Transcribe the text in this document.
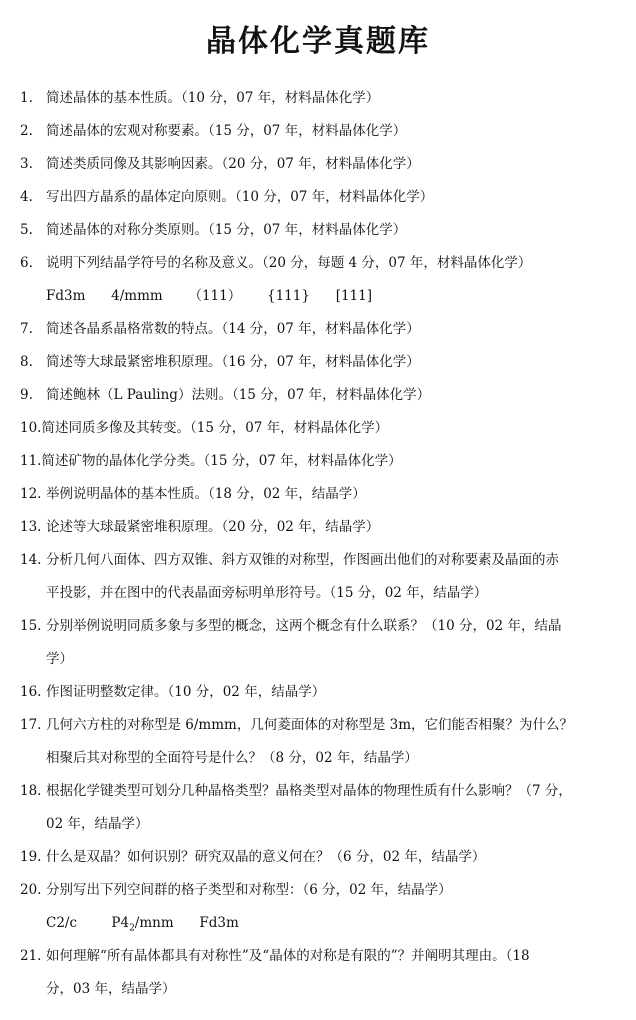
晶体化学真题库
1. 简述晶体的基本性质。（10 分，07 年，材料晶体化学）
2. 简述晶体的宏观对称要素。（15 分，07 年，材料晶体化学）
3. 简述类质同像及其影响因素。（20 分，07 年，材料晶体化学）
4. 写出四方晶系的晶体定向原则。（10 分，07 年，材料晶体化学）
5. 简述晶体的对称分类原则。（15 分，07 年，材料晶体化学）
6. 说明下列结晶学符号的名称及意义。（20 分，每题 4 分，07 年，材料晶体化学）
Fd3m 4/mmm （111） {111} [111]
7. 简述各晶系晶格常数的特点。（14 分，07 年，材料晶体化学）
8. 简述等大球最紧密堆积原理。（16 分，07 年，材料晶体化学）
9. 简述鲍林（L Pauling）法则。（15 分，07 年，材料晶体化学）
10.简述同质多像及其转变。（15 分，07 年，材料晶体化学）
11.简述矿物的晶体化学分类。（15 分，07 年，材料晶体化学）
12. 举例说明晶体的基本性质。（18 分，02 年，结晶学）
13. 论述等大球最紧密堆积原理。（20 分，02 年，结晶学）
14. 分析几何八面体、四方双锥、斜方双锥的对称型，作图画出他们的对称要素及晶面的赤
平投影，并在图中的代表晶面旁标明单形符号。（15 分，02 年，结晶学）
15. 分别举例说明同质多象与多型的概念，这两个概念有什么联系？（10 分，02 年，结晶
学）
16. 作图证明整数定律。（10 分，02 年，结晶学）
17. 几何六方柱的对称型是 6/mmm，几何菱面体的对称型是 3m，它们能否相聚？为什么？
相聚后其对称型的全面符号是什么？（8 分，02 年，结晶学）
18. 根据化学键类型可划分几种晶格类型？晶格类型对晶体的物理性质有什么影响？（7 分，
02 年，结晶学）
19. 什么是双晶？如何识别？研究双晶的意义何在？（6 分，02 年，结晶学）
20. 分别写出下列空间群的格子类型和对称型：（6 分，02 年，结晶学）
C2/c	$P4_2$/mnm Fd3m
21. 如何理解“所有晶体都具有对称性”及“晶体的对称是有限的”？并阐明其理由。（18
分，03 年，结晶学）
